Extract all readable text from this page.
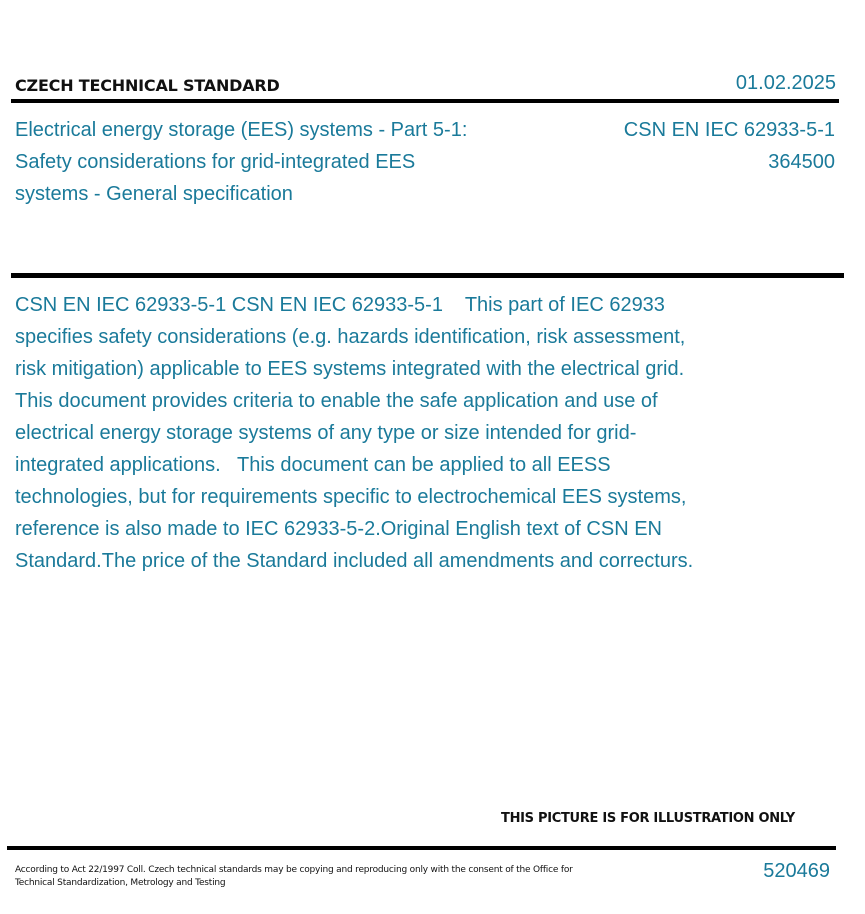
CZECH TECHNICAL STANDARD	01.02.2025
Electrical energy storage (EES) systems - Part 5-1: Safety considerations for grid-integrated EES systems - General specification
CSN EN IEC 62933-5-1
364500
CSN EN IEC 62933-5-1 CSN EN IEC 62933-5-1    This part of IEC 62933 specifies safety considerations (e.g. hazards identification, risk assessment, risk mitigation) applicable to EES systems integrated with the electrical grid.   This document provides criteria to enable the safe application and use of electrical energy storage systems of any type or size intended for grid-integrated applications.   This document can be applied to all EESS technologies, but for requirements specific to electrochemical EES systems, reference is also made to IEC 62933-5-2.Original English text of CSN EN Standard.The price of the Standard included all amendments and correcturs.
THIS PICTURE IS FOR ILLUSTRATION ONLY
According to Act 22/1997 Coll. Czech technical standards may be copying and reproducing only with the consent of the Office for Technical Standardization, Metrology and Testing
520469
